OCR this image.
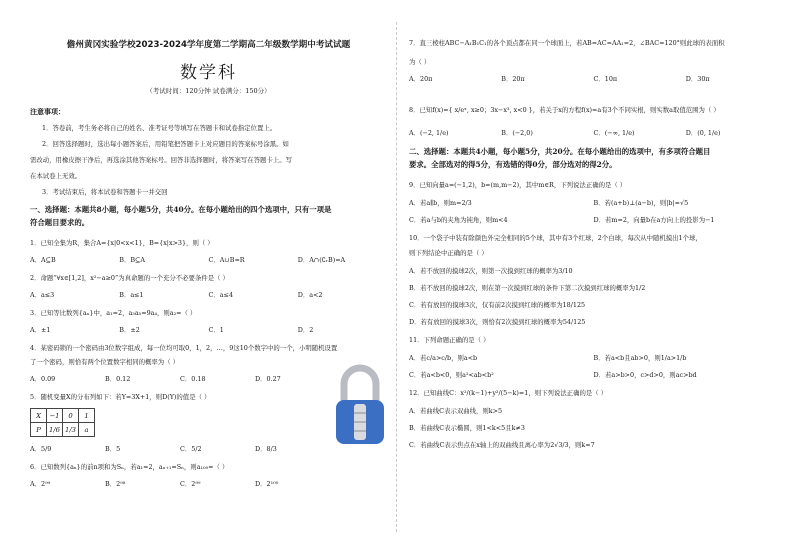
儋州黄冈实验学校2023-2024学年度第二学期高二年级数学期中考试试题
数学科
（考试时间：120分钟 试卷满分：150分）
注意事项：
1．答卷前，考生务必将自己的姓名、准考证号等填写在答题卡和试卷指定位置上。
2．回答选择题时，选出每小题答案后，用铅笔把答题卡上对应题目的答案标号涂黑。如
需改动，用橡皮擦干净后，再选涂其他答案标号。回答非选择题时，将答案写在答题卡上。写
在本试卷上无效。
3．考试结束后，将本试卷和答题卡一并交回
一、选择题：本题共8小题，每小题5分，共40分。在每小题给出的四个选项中，只有一项是
符合题目要求的。
1．已知全集为R，集合A={x|0<x<1}，B={x|x>3}，则（ ）
A．A⊆B	B．B⊆A	C．A∪B=R	D．A∩(∁ᵣB)=A
2．命题“∀x∈[1,2]，x²−a≥0”为真命题的一个充分不必要条件是（ ）
A．a≤3	B．a≤1	C．a≤4	D．a<2
3．已知等比数列{aₙ}中，a₁=2，a₃a₅=9a₄，则a₂=（ ）
A．±1	B．±2	C．1	D．2
4．某密码锁的一个密码由3位数字组成，每一位均可取0，1，2，…，9这10个数字中的一个，小明随机设置
了一个密码，则恰有两个位置数字相同的概率为（ ）
A．0.09	B．0.12	C．0.18	D．0.27
5．随机变量X的分布列如下：若Y=3X+1，则D(Y)的值是（ ）
X	−1	0	1
P	1/6	1/3	a
A．5/9	B．5	C．5/2	D．8/3
6．已知数列{aₙ}的前n项和为Sₙ，若a₁=2，aₙ₊₁=Sₙ，则a₁₀₀=（ ）
A．2⁹⁹	B．2⁹⁸	C．2⁹⁹	D．2¹⁰⁰
7．直三棱柱ABC−A₁B₁C₁的各个顶点都在同一个球面上，若AB=AC=AA₁=2，∠BAC=120°则此球的表面积
为（ ）
A．20π	B．20π	C．10π	D．30π
8．已知f(x)={ x/eˣ, x≥0；3x−x³, x<0 }，若关于x的方程f(x)=a有3个不同实根，则实数a取值范围为（ ）
A．(−2, 1/e)	B．(−2,0)	C．(−∞, 1/e)	D．(0, 1/e)
二、选择题：本题共4小题，每小题5分，共20分。在每小题给出的选项中，有多项符合题目
要求。全部选对的得5分，有选错的得0分，部分选对的得2分。
9．已知向量a=(−1,2)，b=(m,m−2)，其中m∈R，下列说法正确的是（ ）
A．若a∥b，则m=2/3	B．若(a+b)⊥(a−b)，则|b|=√5
C．若a与b的夹角为钝角，则m<4	D．若m=2，向量b在a方向上的投影为−1
10．一个袋子中装有除颜色外完全相同的5个球，其中有3个红球，2个白球，每次从中随机摸出1个球，
则下列结论中正确的是（ ）
A．若不放回的摸球2次，则第一次摸到红球的概率为3/10
B．若不放回的摸球2次，则在第一次摸到红球的条件下第二次摸到红球的概率为1/2
C．若有放回的摸球3次，仅有前2次摸到红球的概率为18/125
D．若有放回的摸球3次，则恰有2次摸到红球的概率为54/125
11．下列命题正确的是（ ）
A．若c/a>c/b，则a<b	B．若a<b且ab>0，则1/a>1/b
C．若a<b<0，则a²<ab<b²	D．若a>b>0，c>d>0，则ac>bd
12．已知曲线C：x²/(k−1)+y²/(5−k)=1，则下列说法正确的是（ ）
A．若曲线C表示双曲线，则k>5
B．若曲线C表示椭圆，则1<k<5且k≠3
C．若曲线C表示焦点在x轴上的双曲线且离心率为2√3/3，则k=7
